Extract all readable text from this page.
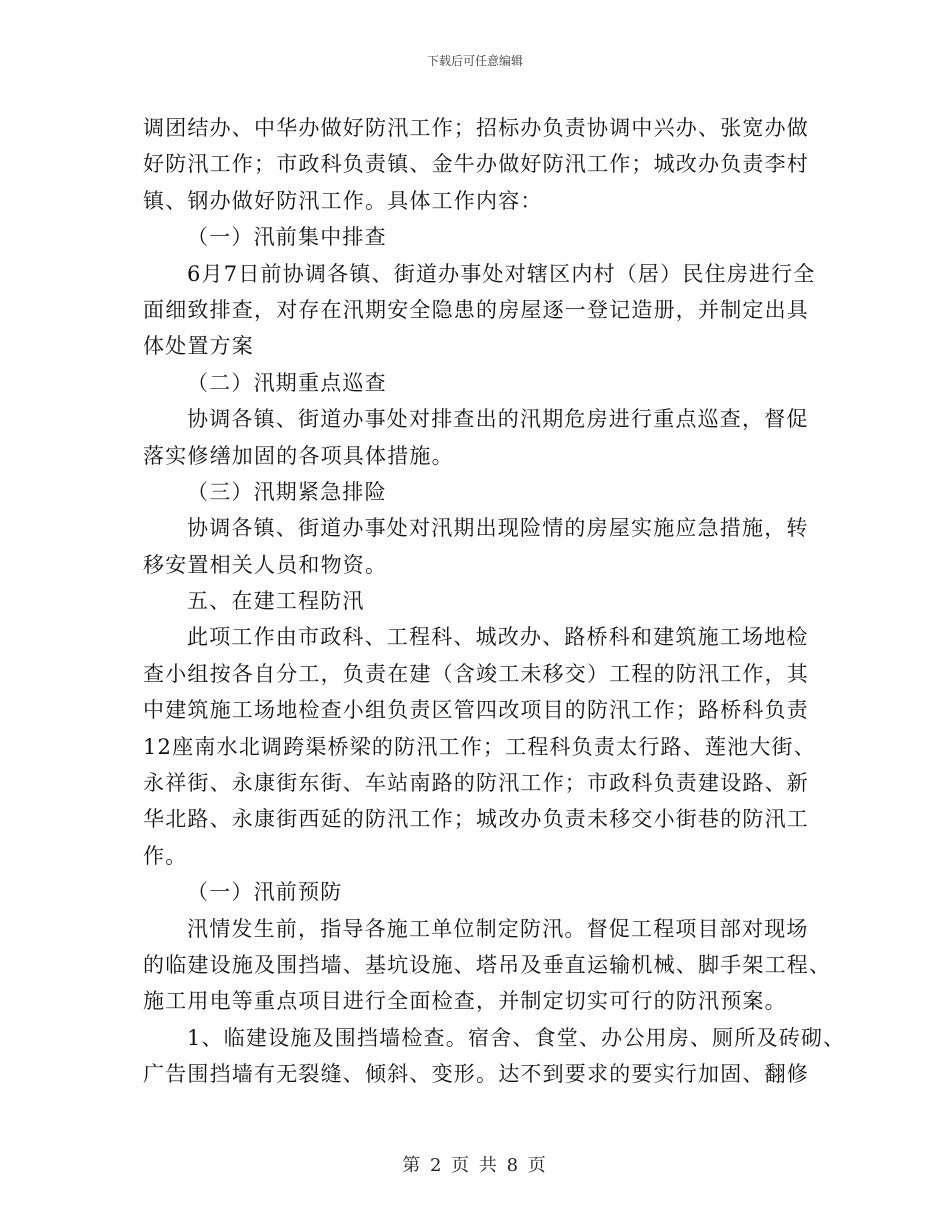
下载后可任意编辑
调团结办、中华办做好防汛工作；招标办负责协调中兴办、张宽办做
好防汛工作；市政科负责镇、金牛办做好防汛工作；城改办负责李村
镇、钢办做好防汛工作。具体工作内容：
（一）汛前集中排查
6月7日前协调各镇、街道办事处对辖区内村（居）民住房进行全
面细致排查，对存在汛期安全隐患的房屋逐一登记造册，并制定出具
体处置方案
（二）汛期重点巡查
协调各镇、街道办事处对排查出的汛期危房进行重点巡查，督促
落实修缮加固的各项具体措施。
（三）汛期紧急排险
协调各镇、街道办事处对汛期出现险情的房屋实施应急措施，转
移安置相关人员和物资。
五、在建工程防汛
此项工作由市政科、工程科、城改办、路桥科和建筑施工场地检
查小组按各自分工，负责在建（含竣工未移交）工程的防汛工作，其
中建筑施工场地检查小组负责区管四改项目的防汛工作；路桥科负责
12座南水北调跨渠桥梁的防汛工作；工程科负责太行路、莲池大街、
永祥街、永康街东街、车站南路的防汛工作；市政科负责建设路、新
华北路、永康街西延的防汛工作；城改办负责未移交小街巷的防汛工
作。
（一）汛前预防
汛情发生前，指导各施工单位制定防汛。督促工程项目部对现场
的临建设施及围挡墙、基坑设施、塔吊及垂直运输机械、脚手架工程、
施工用电等重点项目进行全面检查，并制定切实可行的防汛预案。
1、临建设施及围挡墙检查。宿舍、食堂、办公用房、厕所及砖砌、
广告围挡墙有无裂缝、倾斜、变形。达不到要求的要实行加固、翻修
第 2 页 共 8 页
